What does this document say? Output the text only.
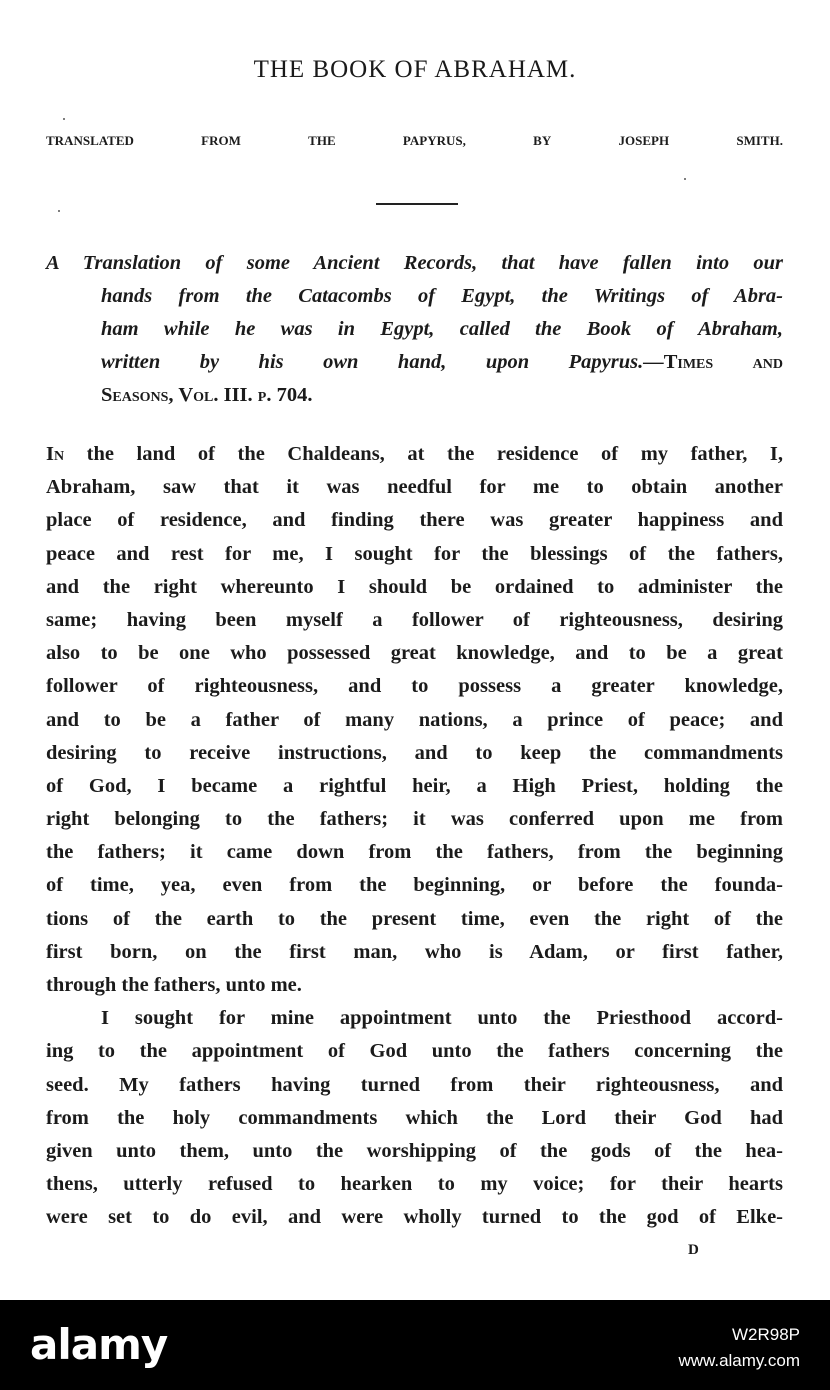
THE BOOK OF ABRAHAM.
TRANSLATED	FROM	THE	PAPYRUS,	BY	JOSEPH	SMITH.
A Translation of some Ancient Records, that have fallen into our
hands from the Catacombs of Egypt, the Writings of Abra-
ham while he was in Egypt, called the Book of Abraham,
written by his own hand, upon Papyrus.—Times and
Seasons, Vol. III. p. 704.
In the land of the Chaldeans, at the residence of my father, I,
Abraham, saw that it was needful for me to obtain another
place of residence, and finding there was greater happiness and
peace and rest for me, I sought for the blessings of the fathers,
and the right whereunto I should be ordained to administer the
same; having been myself a follower of righteousness, desiring
also to be one who possessed great knowledge, and to be a great
follower of righteousness, and to possess a greater knowledge,
and to be a father of many nations, a prince of peace; and
desiring to receive instructions, and to keep the commandments
of God, I became a rightful heir, a High Priest, holding the
right belonging to the fathers; it was conferred upon me from
the fathers; it came down from the fathers, from the beginning
of time, yea, even from the beginning, or before the founda-
tions of the earth to the present time, even the right of the
first born, on the first man, who is Adam, or first father,
through the fathers, unto me.
I sought for mine appointment unto the Priesthood accord-
ing to the appointment of God unto the fathers concerning the
seed. My fathers having turned from their righteousness, and
from the holy commandments which the Lord their God had
given unto them, unto the worshipping of the gods of the hea-
thens, utterly refused to hearken to my voice; for their hearts
were set to do evil, and were wholly turned to the god of Elke-
D
alamy	W2R98P
www.alamy.com
